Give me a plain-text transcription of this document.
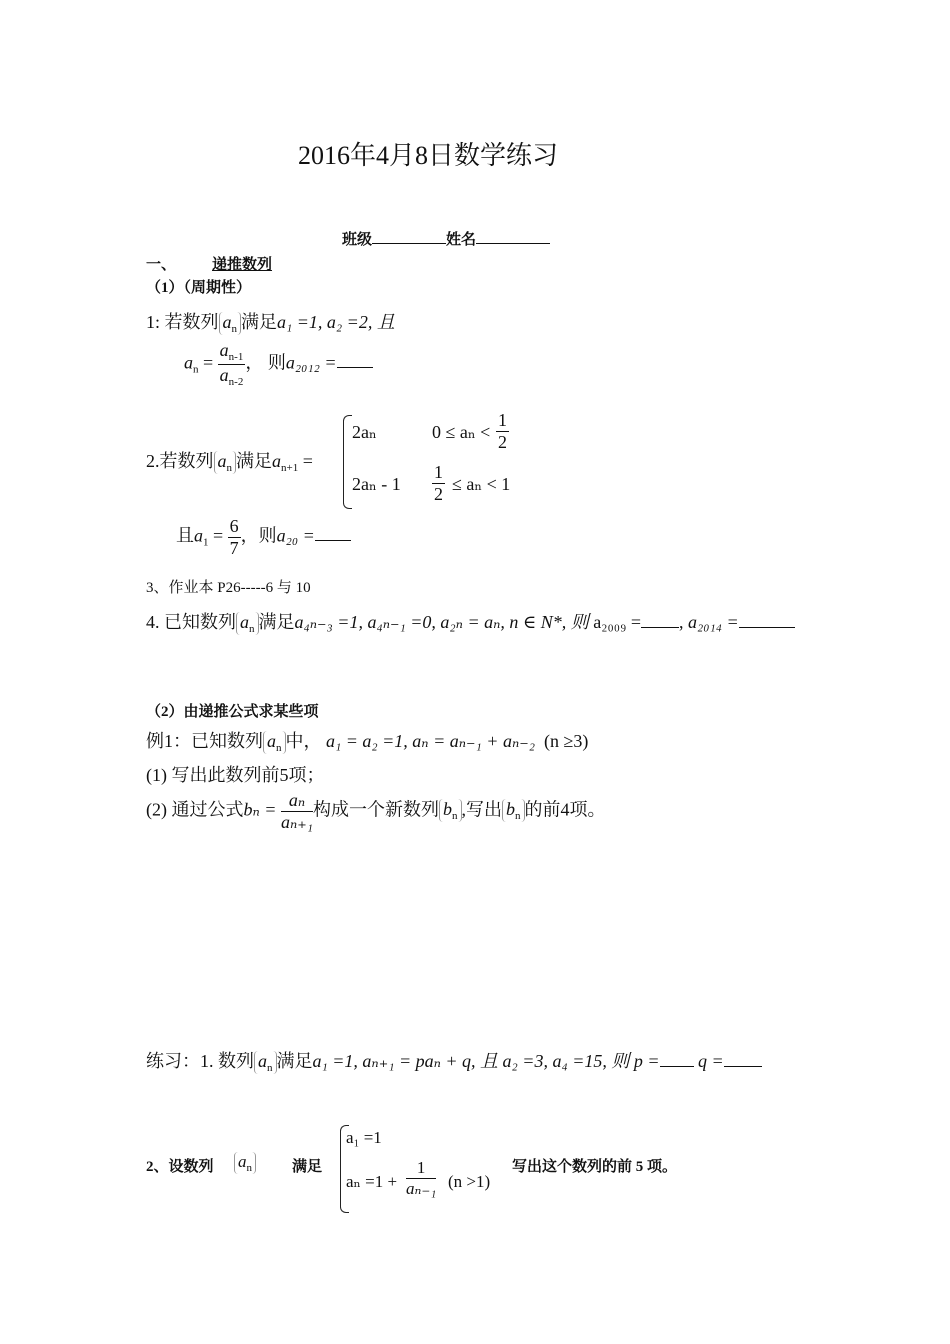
2016年4月8日数学练习
班级	姓名
一、 递推数列
（1）（周期性）
1: 若数列 $a_n$ 满足a₁ =1, a₂ =2, 且
$a_n = \frac{a_{n-1}}{a_{n-2}}$ ， 则a₂₀₁₂ =
2.若数列 $a_n$ 满足$a_{n+1}$ =
2aₙ	$0 \le a_n < \frac{1}{2}$
$2a_n - 1 \frac{1}{2} \le a_n < 1$
且$a_1 = \frac{6}{7}$ ，则a₂₀ =
3、作业本 P26-----6 与 10
4. 已知数列 $a_n$ 满足a₄ₙ₋₃ =1, a₄ₙ₋₁ =0, a₂ₙ = aₙ, n ∈ N*, 则 a₂₀₀₉ = , a₂₀₁₄ =
（2）由递推公式求某些项
例1：已知数列 $a_n$ 中， a₁ = a₂ =1, aₙ = aₙ₋₁ + aₙ₋₂ (n ≥3)
(1) 写出此数列前5项；
(2) 通过公式$b_n = \frac{\text{aₙ}}{\text{aₙ₊₁}}$ 构成一个新数列 $b_n$ ,写出 $b_n$ 的前4项。
练习：1. 数列 $a_n$ 满足a₁ =1, aₙ₊₁ = paₙ + q, 且 a₂ =3, a₄ =15, 则 p = q =
2、设数列 $a_n$	满足
a₁ =1
$a_n =1 + \frac{1}{\text{aₙ₋₁}} (n >1)$
写出这个数列的前 5 项。
